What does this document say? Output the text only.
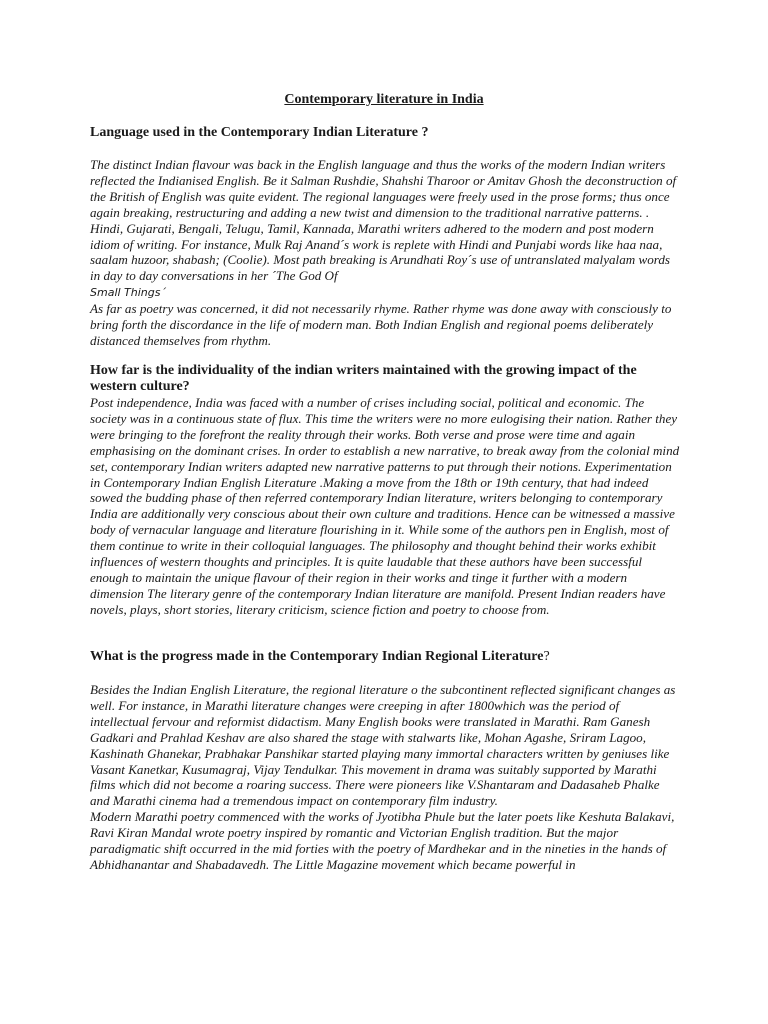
Contemporary literature in India

Language used in the Contemporary Indian Literature ?

The distinct Indian flavour was back in the English language and thus the works of the modern Indian writers reflected the Indianised English. Be it Salman Rushdie, Shahshi Tharoor or Amitav Ghosh the deconstruction of the British of English was quite evident. The regional languages were freely used in the prose forms; thus once again breaking, restructuring and adding a new twist and dimension to the traditional narrative patterns. . Hindi, Gujarati, Bengali, Telugu, Tamil, Kannada, Marathi writers adhered to the modern and post modern idiom of writing. For instance, Mulk Raj Anand´s work is replete with Hindi and Punjabi words like haa naa, saalam huzoor, shabash; (Coolie). Most path breaking is Arundhati Roy´s use of untranslated malyalam words in day to day conversations in her ´The God Of

Small Things´

As far as poetry was concerned, it did not necessarily rhyme. Rather rhyme was done away with consciously to bring forth the discordance in the life of modern man. Both Indian English and regional poems deliberately distanced themselves from rhythm.

How far is the individuality of the indian writers maintained with the growing impact of the western culture?

Post independence, India was faced with a number of crises including social, political and economic. The society was in a continuous state of flux. This time the writers were no more eulogising their nation. Rather they were bringing to the forefront the reality through their works. Both verse and prose were time and again emphasising on the dominant crises. In order to establish a new narrative, to break away from the colonial mind set, contemporary Indian writers adapted new narrative patterns to put through their notions. Experimentation in Contemporary Indian English Literature .Making a move from the 18th or 19th century, that had indeed sowed the budding phase of then referred contemporary Indian literature, writers belonging to contemporary India are additionally very conscious about their own culture and traditions. Hence can be witnessed a massive body of vernacular language and literature flourishing in it. While some of the authors pen in English, most of them continue to write in their colloquial languages. The philosophy and thought behind their works exhibit influences of western thoughts and principles. It is quite laudable that these authors have been successful enough to maintain the unique flavour of their region in their works and tinge it further with a modern dimension The literary genre of the contemporary Indian literature are manifold. Present Indian readers have novels, plays, short stories, literary criticism, science fiction and poetry to choose from.

What is the progress made in the Contemporary Indian Regional Literature?

Besides the Indian English Literature, the regional literature o the subcontinent reflected significant changes as well. For instance, in Marathi literature changes were creeping in after 1800which was the period of intellectual fervour and reformist didactism. Many English books were translated in Marathi. Ram Ganesh Gadkari and Prahlad Keshav are also shared the stage with stalwarts like, Mohan Agashe, Sriram Lagoo, Kashinath Ghanekar, Prabhakar Panshikar started playing many immortal characters written by geniuses like Vasant Kanetkar, Kusumagraj, Vijay Tendulkar. This movement in drama was suitably supported by Marathi films which did not become a roaring success. There were pioneers like V.Shantaram and Dadasaheb Phalke and Marathi cinema had a tremendous impact on contemporary film industry.

Modern Marathi poetry commenced with the works of Jyotibha Phule but the later poets like Keshuta Balakavi, Ravi Kiran Mandal wrote poetry inspired by romantic and Victorian English tradition. But the major paradigmatic shift occurred in the mid forties with the poetry of Mardhekar and in the nineties in the hands of Abhidhanantar and Shabadavedh. The Little Magazine movement which became powerful in
